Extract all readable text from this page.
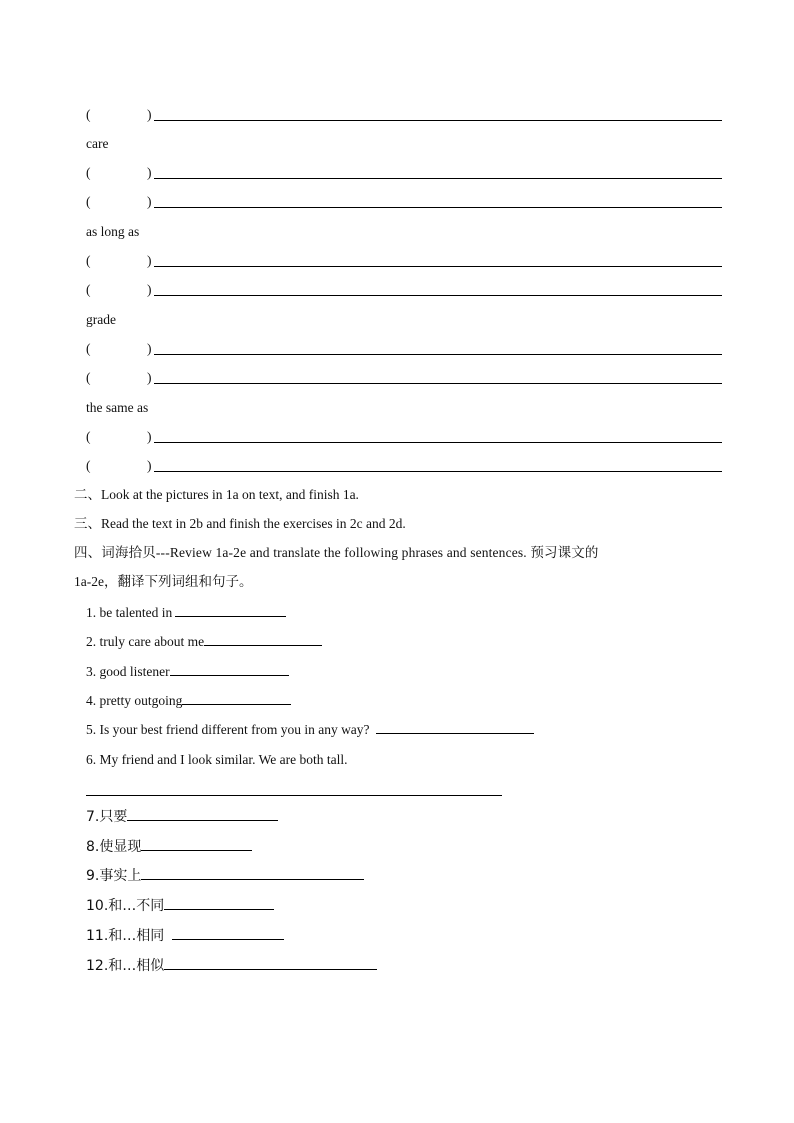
(	)
care
(	)
(	)
as long as
(	)
(	)
grade
(	)
(	)
the same as
(	)
(	)
二、Look at the pictures in 1a on text, and finish 1a.
三、Read the text in 2b and finish the exercises in 2c and 2d.
四、词海拾贝---Review 1a-2e and translate the following phrases and sentences. 预习课文的
1a-2e，翻译下列词组和句子。
1. be talented in
2. truly care about me
3. good listener
4. pretty outgoing
5. Is your best friend different from you in any way?
6. My friend and I look similar. We are both tall.
7.只要
8.使显现
9.事实上
10.和…不同
11.和…相同
12.和…相似
